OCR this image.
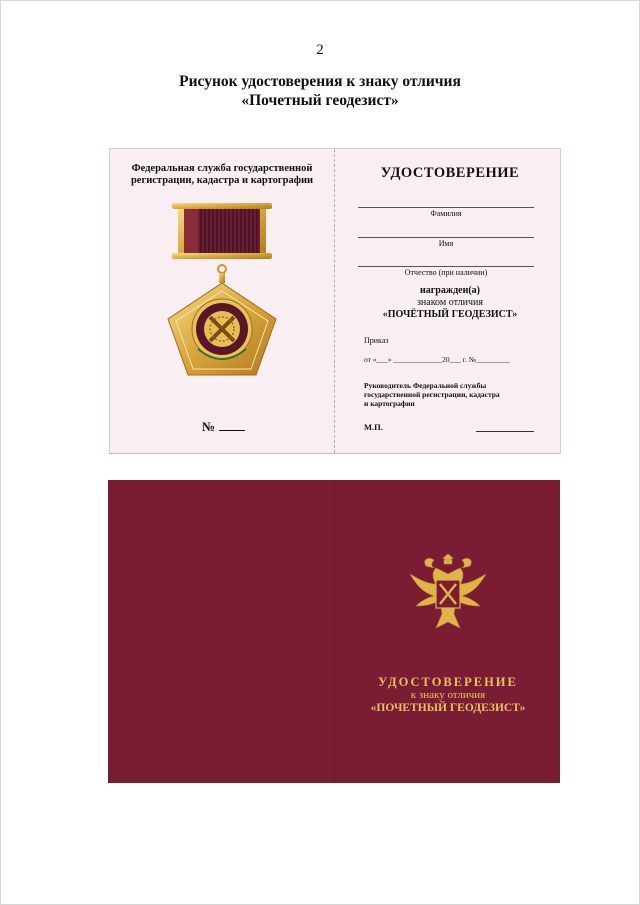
2
Рисунок удостоверения к знаку отличия
«Почетный геодезист»
Федеральная служба государственной
регистрации, кадастра и картографии
№
УДОСТОВЕРЕНИЕ
Фамилия
Имя
Отчество (при наличии)
награжден(а)
знаком отличия
«ПОЧЁТНЫЙ ГЕОДЕЗИСТ»
Приказ
от «___» _____________20___ г. №_________
Руководитель Федеральной службы
государственной регистрации, кадастра
и картографии
М.П.
УДОСТОВЕРЕНИЕ
к знаку отличия
«ПОЧЕТНЫЙ ГЕОДЕЗИСТ»
